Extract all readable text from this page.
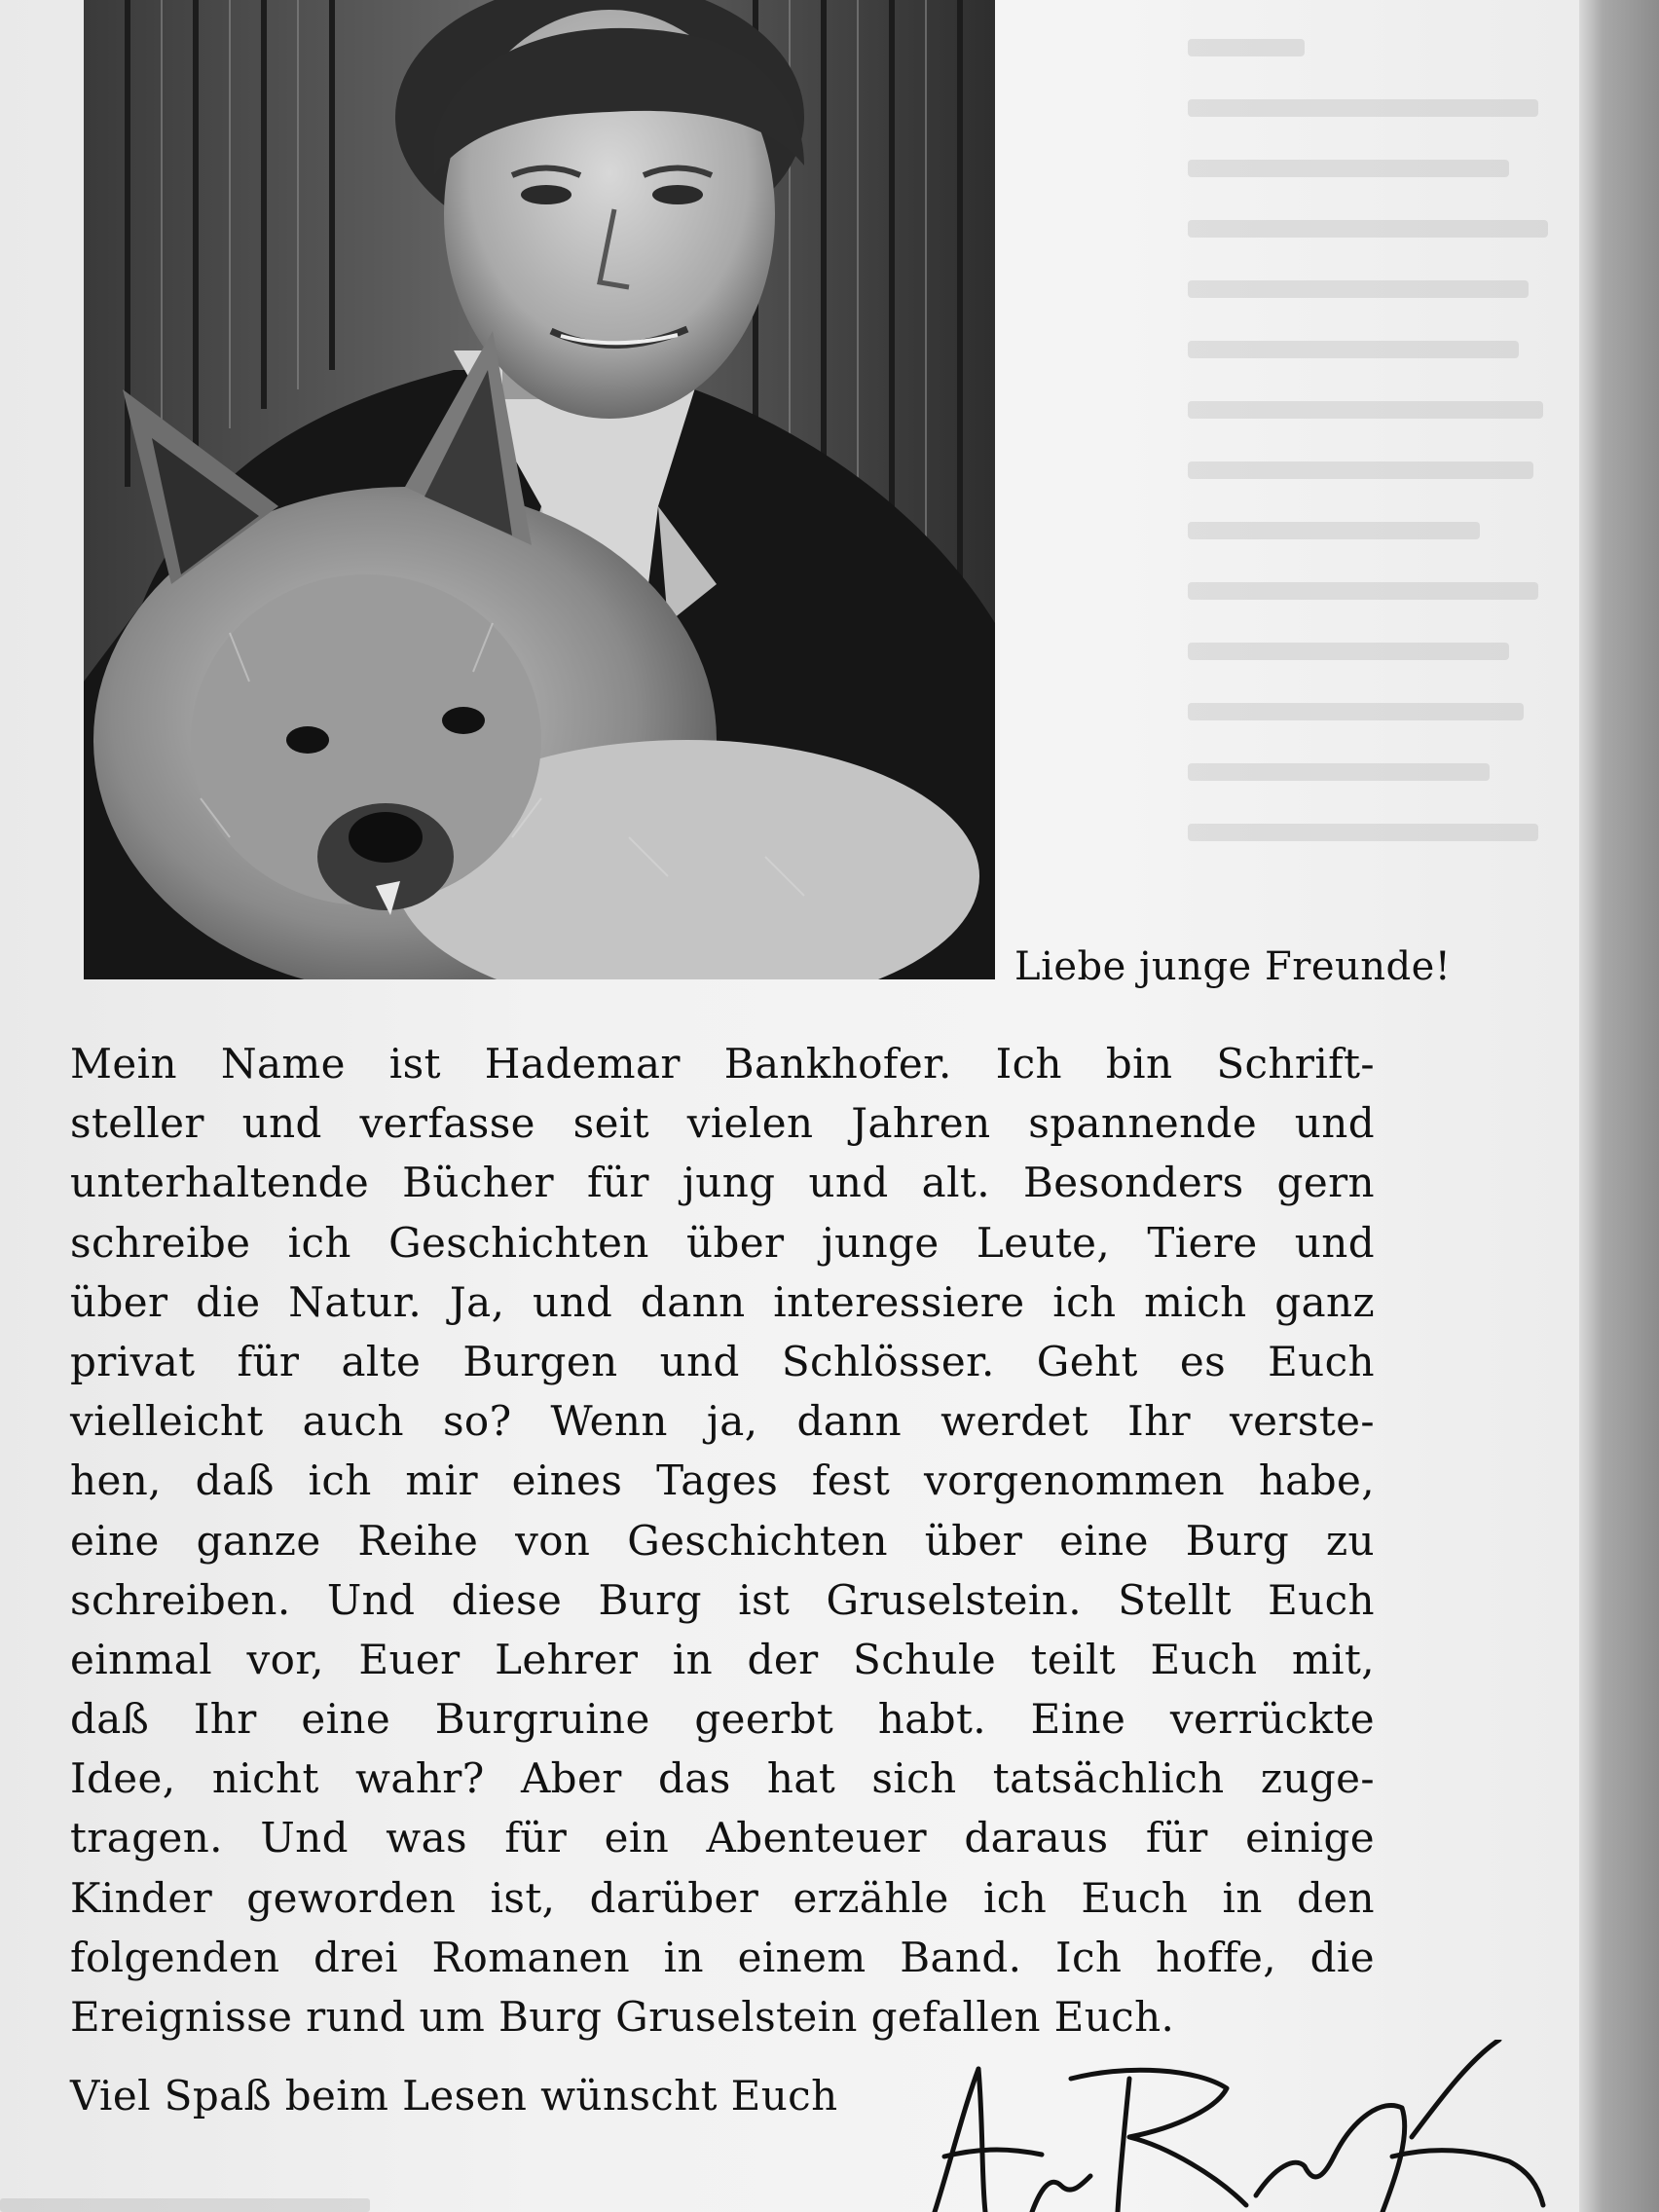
Liebe junge Freunde!
Mein Name ist Hademar Bankhofer. Ich bin Schrift-
steller und verfasse seit vielen Jahren spannende und
unterhaltende Bücher für jung und alt. Besonders gern
schreibe ich Geschichten über junge Leute, Tiere und
über die Natur. Ja, und dann interessiere ich mich ganz
privat für alte Burgen und Schlösser. Geht es Euch
vielleicht auch so? Wenn ja, dann werdet Ihr verste-
hen, daß ich mir eines Tages fest vorgenommen habe,
eine ganze Reihe von Geschichten über eine Burg zu
schreiben. Und diese Burg ist Gruselstein. Stellt Euch
einmal vor, Euer Lehrer in der Schule teilt Euch mit,
daß Ihr eine Burgruine geerbt habt. Eine verrückte
Idee, nicht wahr? Aber das hat sich tatsächlich zuge-
tragen. Und was für ein Abenteuer daraus für einige
Kinder geworden ist, darüber erzähle ich Euch in den
folgenden drei Romanen in einem Band. Ich hoffe, die
Ereignisse rund um Burg Gruselstein gefallen Euch.
Viel Spaß beim Lesen wünscht Euch
